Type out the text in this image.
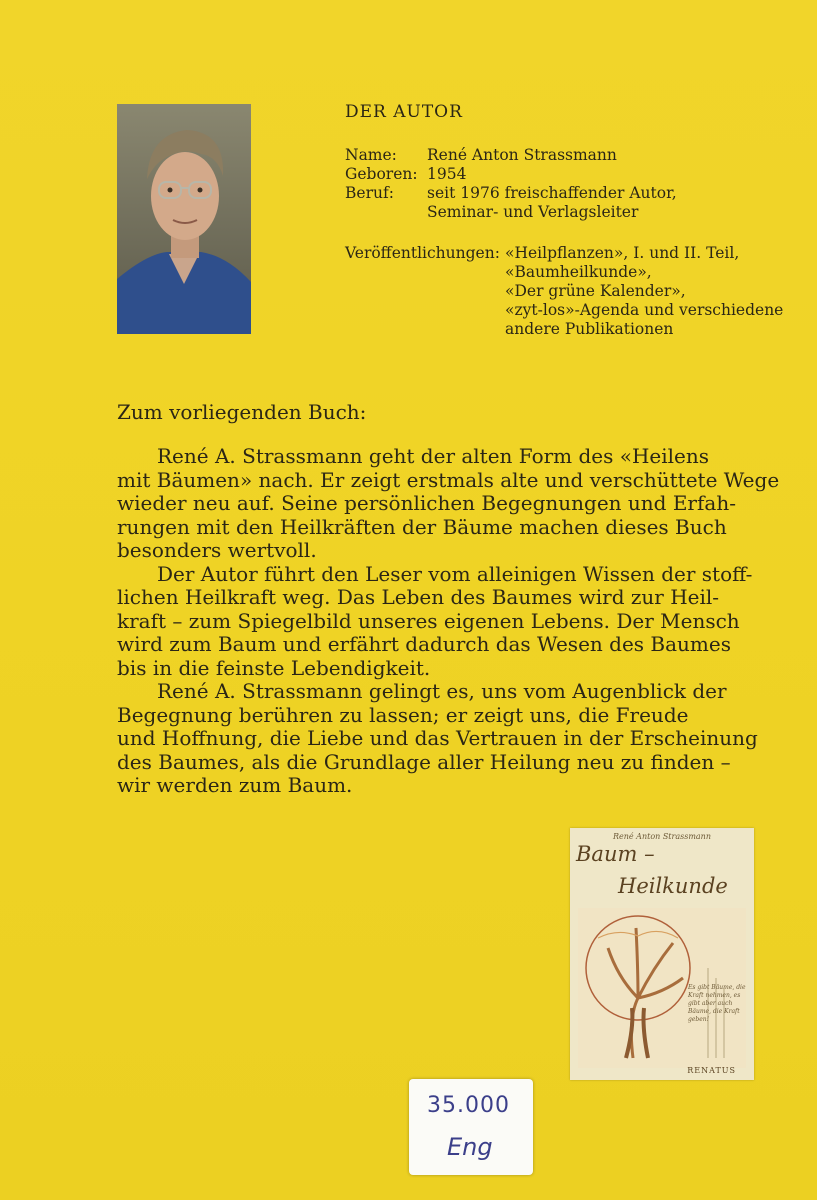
DER AUTOR
Name:	René Anton Strassmann
Geboren: 1954
Beruf:	seit 1976 freischaffender Autor,
Seminar- und Verlagsleiter
Veröffentlichungen: «Heilpflanzen», I. und II. Teil,
«Baumheilkunde»,
«Der grüne Kalender»,
«zyt-los»-Agenda und verschiedene
andere Publikationen
Zum vorliegenden Buch:

René A. Strassmann geht der alten Form des «Heilens
mit Bäumen» nach. Er zeigt erstmals alte und verschüttete Wege
wieder neu auf. Seine persönlichen Begegnungen und Erfah-
rungen mit den Heilkräften der Bäume machen dieses Buch
besonders wertvoll.

Der Autor führt den Leser vom alleinigen Wissen der stoff-
lichen Heilkraft weg. Das Leben des Baumes wird zur Heil-
kraft – zum Spiegelbild unseres eigenen Lebens. Der Mensch
wird zum Baum und erfährt dadurch das Wesen des Baumes
bis in die feinste Lebendigkeit.

René A. Strassmann gelingt es, uns vom Augenblick der
Begegnung berühren zu lassen; er zeigt uns, die Freude
und Hoffnung, die Liebe und das Vertrauen in der Erscheinung
des Baumes, als die Grundlage aller Heilung neu zu finden –
wir werden zum Baum.

René Anton Strassmann
Baum –
Heilkunde
Es gibt Bäume, die Kraft nehmen, es gibt aber auch Bäume, die Kraft geben!
RENATUS
35.000
Eng
